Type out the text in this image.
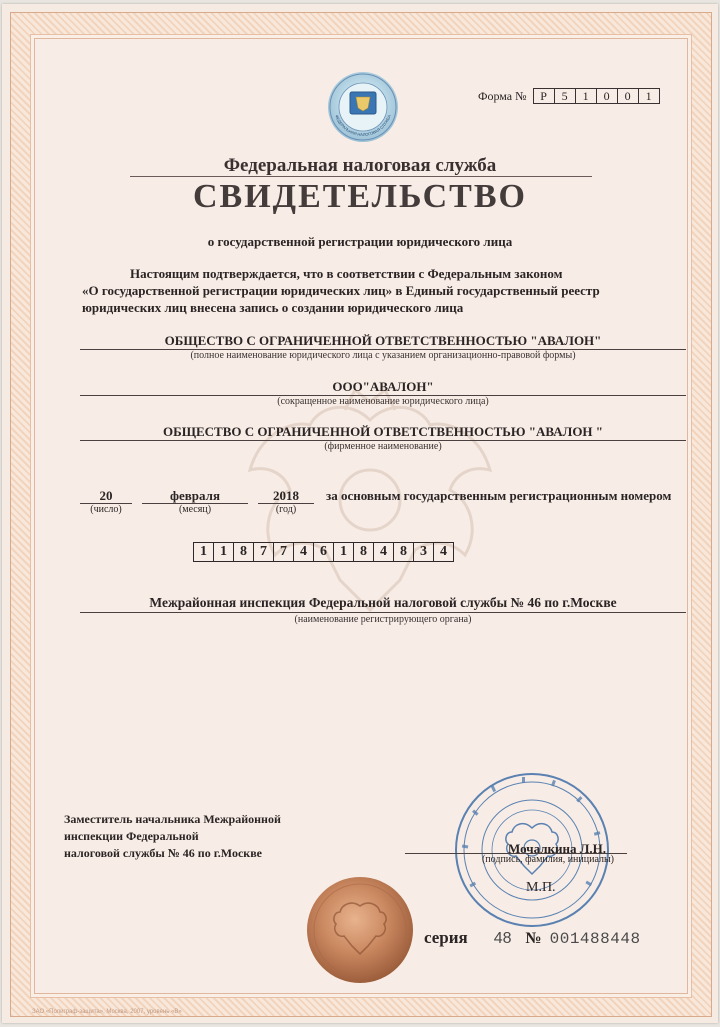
ФЕДЕРАЛЬНАЯ НАЛОГОВАЯ СЛУЖБА
Форма №	Р	5	1	0	0	1
Федеральная налоговая служба
СВИДЕТЕЛЬСТВО
о государственной регистрации юридического лица
Настоящим подтверждается, что в соответствии с Федеральным законом
«О государственной регистрации юридических лиц» в Единый государственный реестр
юридических лиц внесена запись о создании юридического лица
ОБЩЕСТВО С ОГРАНИЧЕННОЙ ОТВЕТСТВЕННОСТЬЮ "АВАЛОН"
(полное наименование юридического лица с указанием организационно-правовой формы)
ООО"АВАЛОН"
(сокращенное наименование юридического лица)
ОБЩЕСТВО С ОГРАНИЧЕННОЙ ОТВЕТСТВЕННОСТЬЮ "АВАЛОН "
(фирменное наименование)
20
(число)
февраля
(месяц)
2018
(год)
за основным государственным регистрационным номером
1 1 8 7 7 4 6 1 8 4 8 3 4
Межрайонная инспекция Федеральной налоговой службы № 46 по г.Москве
(наименование регистрирующего органа)
Заместитель начальника Межрайонной
инспекции Федеральной
налоговой службы № 46 по г.Москве	Мочалкина Л.Н.
(подпись, фамилия, инициалы)
М.П.
серия 48 № 001488448
ЗАО «Полиграф-защита», Москва, 2007, уровень «В»
